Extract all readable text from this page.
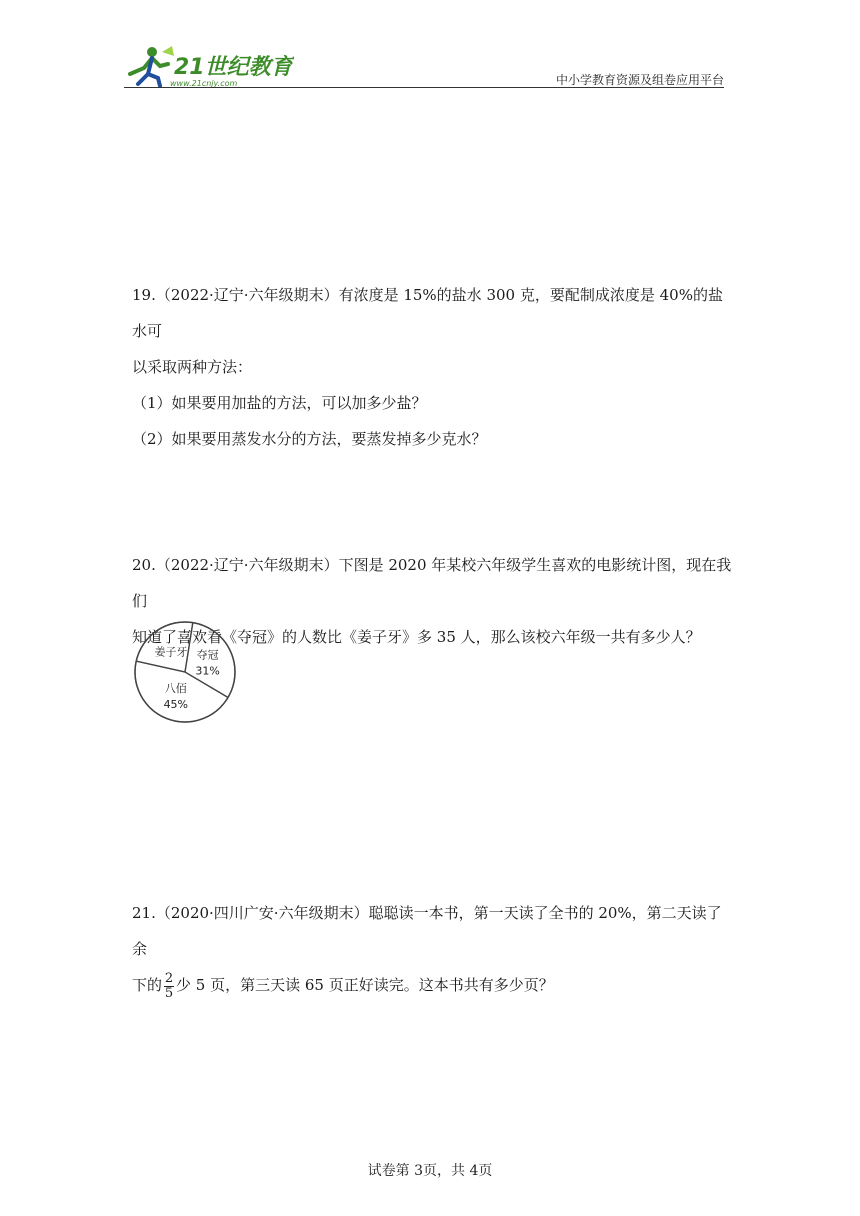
21世纪教育
www.21cnjy.com	中小学教育资源及组卷应用平台

19.（2022·辽宁·六年级期末）有浓度是 15%的盐水 300 克，要配制成浓度是 40%的盐水可

以采取两种方法：

（1）如果要用加盐的方法，可以加多少盐？

（2）如果要用蒸发水分的方法，要蒸发掉多少克水？

20.（2022·辽宁·六年级期末）下图是 2020 年某校六年级学生喜欢的电影统计图，现在我们

知道了喜欢看《夺冠》的人数比《姜子牙》多 35 人，那么该校六年级一共有多少人？

夺冠
31%
八佰
45%
姜子牙

21.（2020·四川广安·六年级期末）聪聪读一本书，第一天读了全书的 20%，第二天读了余

下的 $\frac{2}{5}$ 少 5 页，第三天读 65 页正好读完。这本书共有多少页？

试卷第 3页，共 4页
